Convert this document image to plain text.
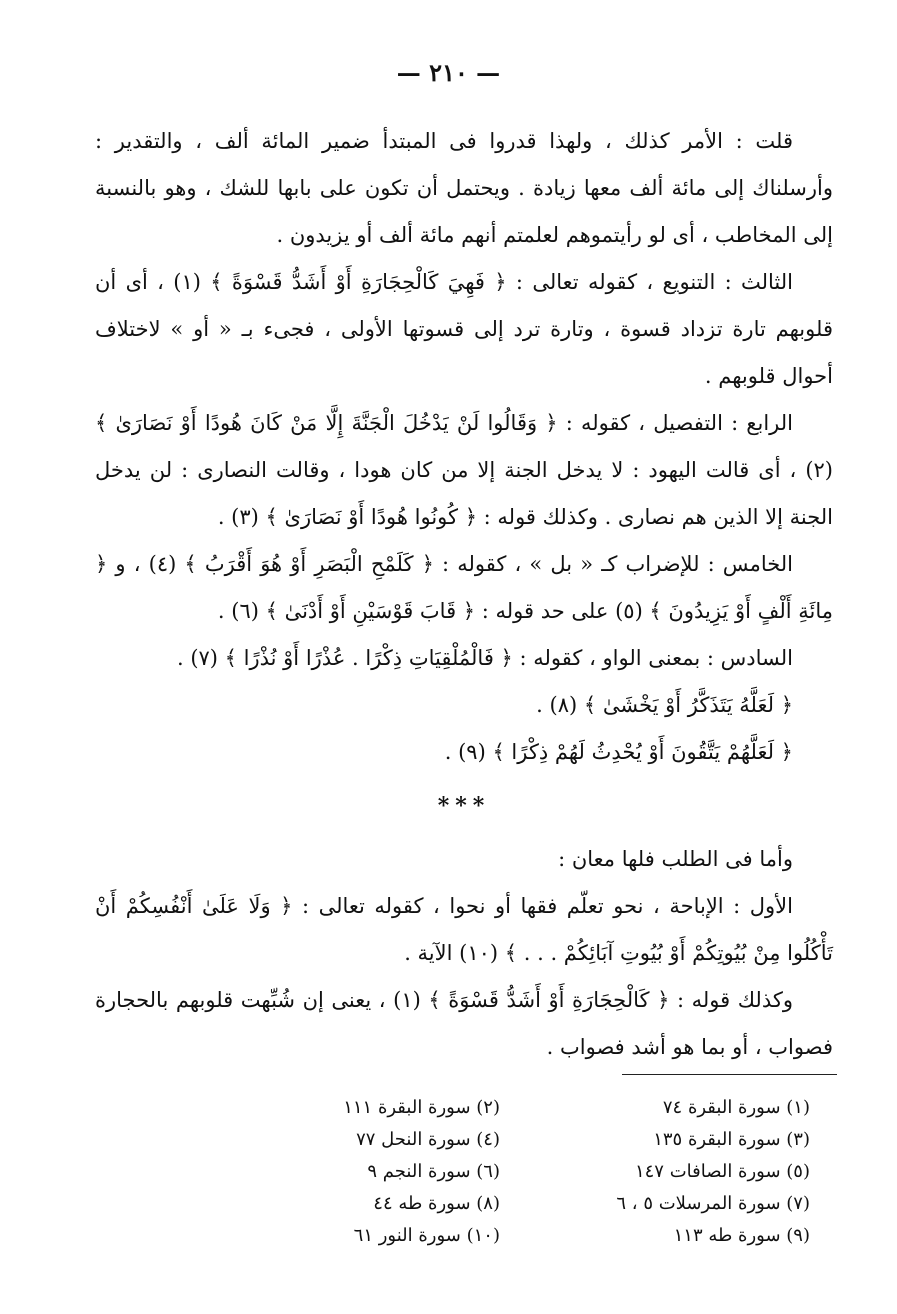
— ٢١٠ —

قلت : الأمر كذلك ، ولهذا قدروا فى المبتدأ ضمير المائة ألف ، والتقدير : وأرسلناك إلى مائة ألف معها زيادة . ويحتمل أن تكون على بابها للشك ، وهو بالنسبة إلى المخاطب ، أى لو رأيتموهم لعلمتم أنهم مائة ألف أو يزيدون .

الثالث : التنويع ، كقوله تعالى : ﴿ فَهِيَ كَالْحِجَارَةِ أَوْ أَشَدُّ قَسْوَةً ﴾ (١) ، أى أن قلوبهم تارة تزداد قسوة ، وتارة ترد إلى قسوتها الأولى ، فجىء بـ « أو » لاختلاف أحوال قلوبهم .

الرابع : التفصيل ، كقوله : ﴿ وَقَالُوا لَنْ يَدْخُلَ الْجَنَّةَ إِلَّا مَنْ كَانَ هُودًا أَوْ نَصَارَىٰ ﴾ (٢) ، أى قالت اليهود : لا يدخل الجنة إلا من كان هودا ، وقالت النصارى : لن يدخل الجنة إلا الذين هم نصارى . وكذلك قوله : ﴿ كُونُوا هُودًا أَوْ نَصَارَىٰ ﴾ (٣) .

الخامس : للإضراب كـ « بل » ، كقوله : ﴿ كَلَمْحِ الْبَصَرِ أَوْ هُوَ أَقْرَبُ ﴾ (٤) ، و ﴿ مِائَةِ أَلْفٍ أَوْ يَزِيدُونَ ﴾ (٥) على حد قوله : ﴿ قَابَ قَوْسَيْنِ أَوْ أَدْنَىٰ ﴾ (٦) .

السادس : بمعنى الواو ، كقوله : ﴿ فَالْمُلْقِيَاتِ ذِكْرًا . عُذْرًا أَوْ نُذْرًا ﴾ (٧) .

﴿ لَعَلَّهُ يَتَذَكَّرُ أَوْ يَخْشَىٰ ﴾ (٨) .

﴿ لَعَلَّهُمْ يَتَّقُونَ أَوْ يُحْدِثُ لَهُمْ ذِكْرًا ﴾ (٩) .

***

وأما فى الطلب فلها معان :

الأول : الإباحة ، نحو تعلّم فقها أو نحوا ، كقوله تعالى : ﴿ وَلَا عَلَىٰ أَنْفُسِكُمْ أَنْ تَأْكُلُوا مِنْ بُيُوتِكُمْ أَوْ بُيُوتِ آبَائِكُمْ . . . ﴾ (١٠) الآية .

وكذلك قوله : ﴿ كَالْحِجَارَةِ أَوْ أَشَدُّ قَسْوَةً ﴾ (١) ، يعنى إن شُبِّهت قلوبهم بالحجارة فصواب ، أو بما هو أشد فصواب .

(١) سورة البقرة ٧٤
(٢) سورة البقرة ١١١
(٣) سورة البقرة ١٣٥
(٤) سورة النحل ٧٧
(٥) سورة الصافات ١٤٧
(٦) سورة النجم ٩
(٧) سورة المرسلات ٥ ، ٦
(٨) سورة طه ٤٤
(٩) سورة طه ١١٣
(١٠) سورة النور ٦١
